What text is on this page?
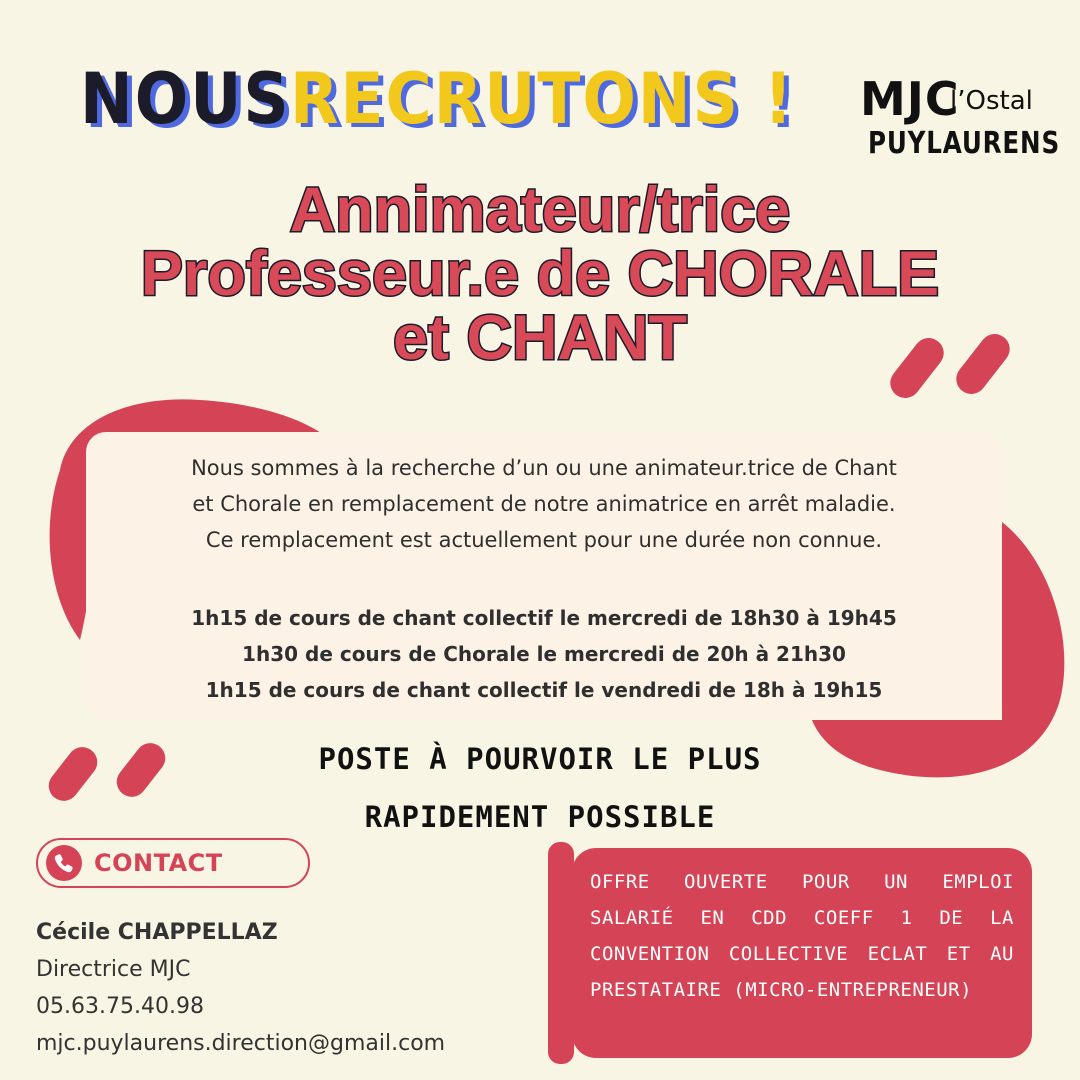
NOUS RECRUTONS ! MJC
l’Ostal
PUYLAURENS
Annimateur/trice
Professeur.e de CHORALE
et CHANT
Nous sommes à la recherche d’un ou une animateur.trice de Chant
et Chorale en remplacement de notre animatrice en arrêt maladie.
Ce remplacement est actuellement pour une durée non connue.
1h15 de cours de chant collectif le mercredi de 18h30 à 19h45
1h30 de cours de Chorale le mercredi de 20h à 21h30
1h15 de cours de chant collectif le vendredi de 18h à 19h15
POSTE À POURVOIR LE PLUS
RAPIDEMENT POSSIBLE
CONTACT
Cécile CHAPPELLAZ
Directrice MJC
05.63.75.40.98
mjc.puylaurens.direction@gmail.com
OFFRE OUVERTE POUR UN EMPLOI SALARIÉ EN CDD COEFF 1 DE LA CONVENTION COLLECTIVE ECLAT ET AU PRESTATAIRE (MICRO-ENTREPRENEUR)
